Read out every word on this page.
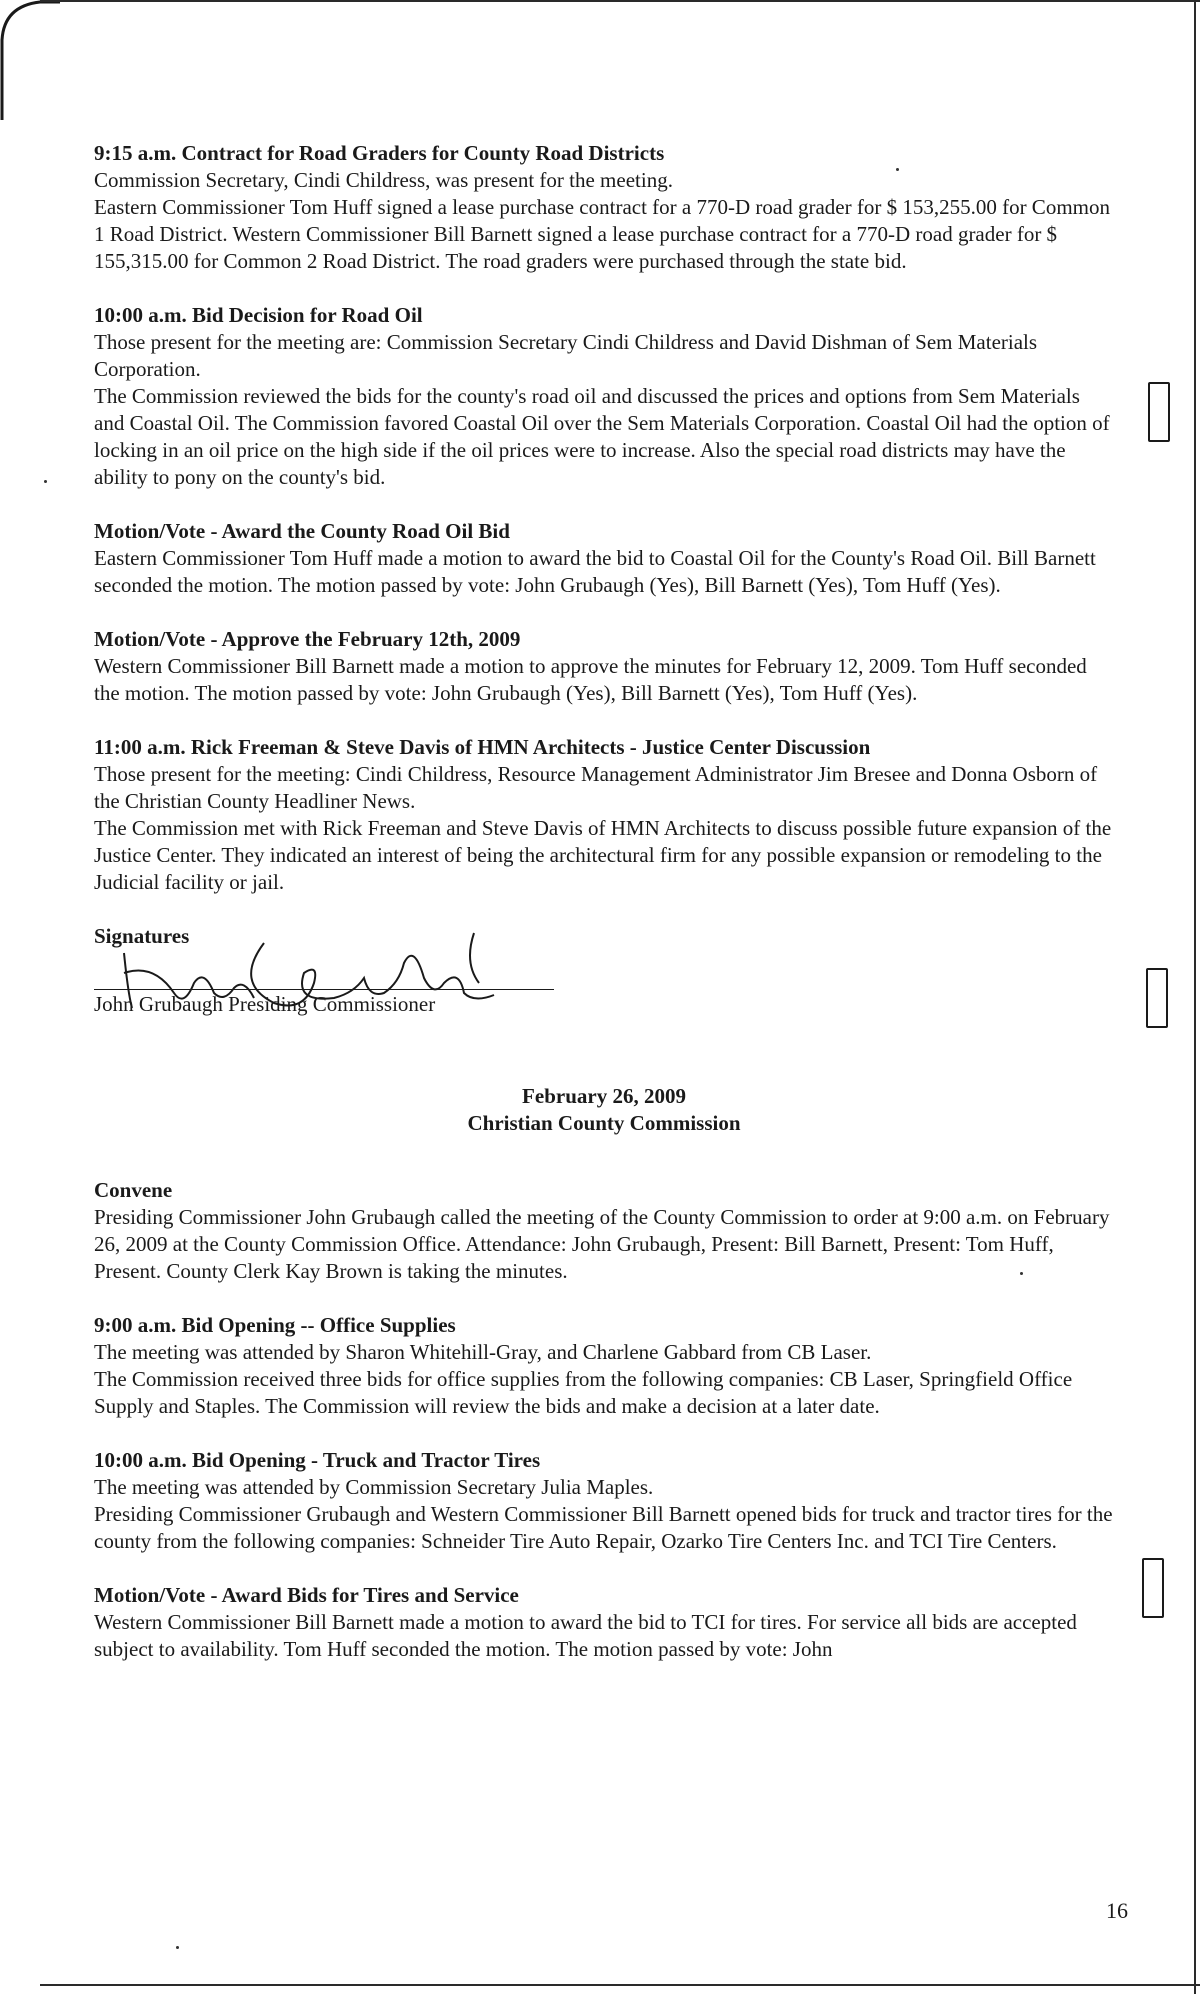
9:15 a.m. Contract for Road Graders for County Road Districts

Commission Secretary, Cindi Childress, was present for the meeting.

Eastern Commissioner Tom Huff signed a lease purchase contract for a 770-D road grader for $ 153,255.00 for Common 1 Road District. Western Commissioner Bill Barnett signed a lease purchase contract for a 770-D road grader for $ 155,315.00 for Common 2 Road District. The road graders were purchased through the state bid.

10:00 a.m. Bid Decision for Road Oil

Those present for the meeting are: Commission Secretary Cindi Childress and David Dishman of Sem Materials Corporation.

The Commission reviewed the bids for the county's road oil and discussed the prices and options from Sem Materials and Coastal Oil. The Commission favored Coastal Oil over the Sem Materials Corporation. Coastal Oil had the option of locking in an oil price on the high side if the oil prices were to increase. Also the special road districts may have the ability to pony on the county's bid.

Motion/Vote - Award the County Road Oil Bid

Eastern Commissioner Tom Huff made a motion to award the bid to Coastal Oil for the County's Road Oil. Bill Barnett seconded the motion. The motion passed by vote: John Grubaugh (Yes), Bill Barnett (Yes), Tom Huff (Yes).

Motion/Vote - Approve the February 12th, 2009

Western Commissioner Bill Barnett made a motion to approve the minutes for February 12, 2009. Tom Huff seconded the motion. The motion passed by vote: John Grubaugh (Yes), Bill Barnett (Yes), Tom Huff (Yes).

11:00 a.m. Rick Freeman & Steve Davis of HMN Architects - Justice Center Discussion

Those present for the meeting: Cindi Childress, Resource Management Administrator Jim Bresee and Donna Osborn of the Christian County Headliner News.

The Commission met with Rick Freeman and Steve Davis of HMN Architects to discuss possible future expansion of the Justice Center. They indicated an interest of being the architectural firm for any possible expansion or remodeling to the Judicial facility or jail.

Signatures

John Grubaugh Presiding Commissioner

February 26, 2009

Christian County Commission

Convene

Presiding Commissioner John Grubaugh called the meeting of the County Commission to order at 9:00 a.m. on February 26, 2009 at the County Commission Office. Attendance: John Grubaugh, Present: Bill Barnett, Present: Tom Huff, Present. County Clerk Kay Brown is taking the minutes.

9:00 a.m. Bid Opening -- Office Supplies

The meeting was attended by Sharon Whitehill-Gray, and Charlene Gabbard from CB Laser.

The Commission received three bids for office supplies from the following companies: CB Laser, Springfield Office Supply and Staples. The Commission will review the bids and make a decision at a later date.

10:00 a.m. Bid Opening - Truck and Tractor Tires

The meeting was attended by Commission Secretary Julia Maples.

Presiding Commissioner Grubaugh and Western Commissioner Bill Barnett opened bids for truck and tractor tires for the county from the following companies: Schneider Tire Auto Repair, Ozarko Tire Centers Inc. and TCI Tire Centers.

Motion/Vote - Award Bids for Tires and Service

Western Commissioner Bill Barnett made a motion to award the bid to TCI for tires. For service all bids are accepted subject to availability. Tom Huff seconded the motion. The motion passed by vote: John

16
